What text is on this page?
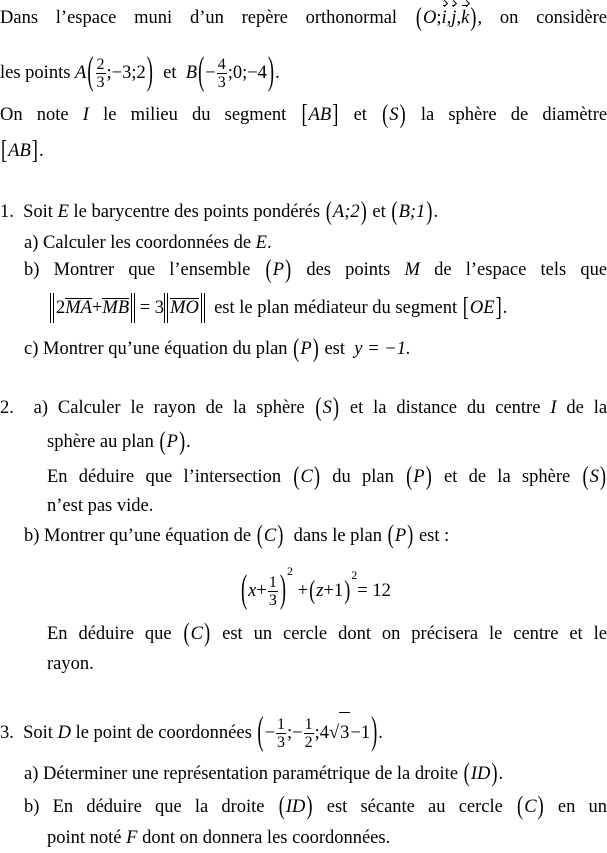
Dans l’espace muni d’un repère orthonormal (O;i,j,k), on considère
les points $A( \frac{2}{3}$ ;−3;2) et $B(- \frac{4}{3}$ ;0;−4).
On note I le milieu du segment [AB] et (S) la sphère de diamètre
[AB].
1. Soit E le barycentre des points pondérés (A;2) et (B;1).
a) Calculer les coordonnées de E.
b) Montrer que l’ensemble (P) des points M de l’espace tels que
2MA+MB = 3 MO est le plan médiateur du segment [OE].
c) Montrer qu’une équation du plan (P) est y = −1.
2. a) Calculer le rayon de la sphère (S) et la distance du centre I de la
sphère au plan (P).
En déduire que l’intersection (C) du plan (P) et de la sphère (S)
n’est pas vide.
b) Montrer qu’une équation de (C) dans le plan (P) est :
$(x+ \frac{1}{3} )^2 +(z+1)^2= 12$
En déduire que (C) est un cercle dont on précisera le centre et le
rayon.
3. Soit D le point de coordonnées (− $\frac{1}{3}$ ;− $\frac{1}{2}$ ;4√3−1).
a) Déterminer une représentation paramétrique de la droite (ID).
b) En déduire que la droite (ID) est sécante au cercle (C) en un
point noté F dont on donnera les coordonnées.
